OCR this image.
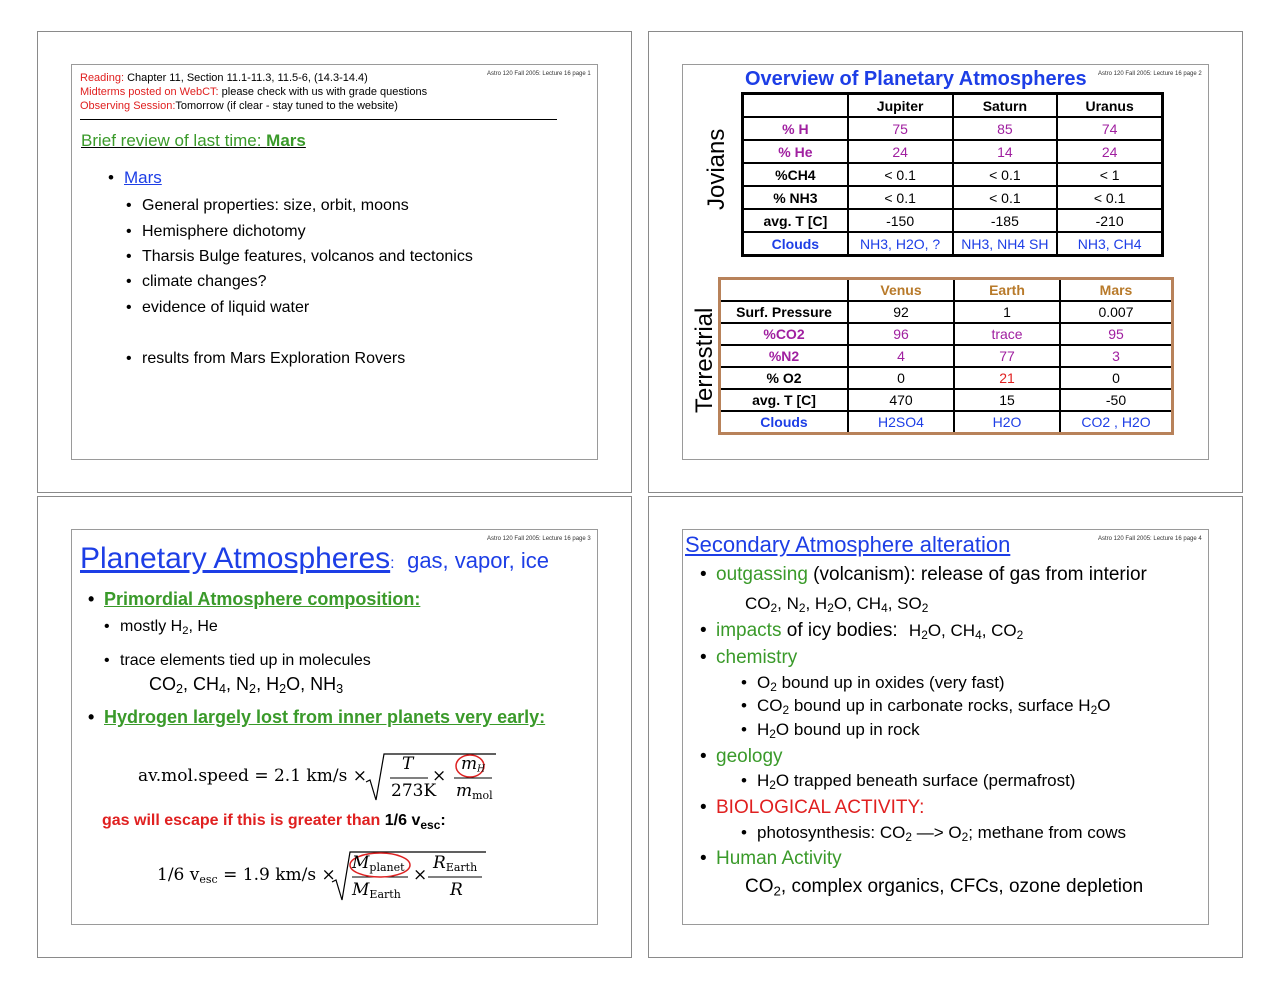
Astro 120 Fall 2005: Lecture 16 page 1
Reading: Chapter 11, Section 11.1-11.3, 11.5-6, (14.3-14.4)
Midterms posted on WebCT: please check with us with grade questions
Observing Session:Tomorrow (if clear - stay tuned to the website)
Brief review of last time: Mars
• Mars
• General properties: size, orbit, moons
• Hemisphere dichotomy
• Tharsis Bulge features, volcanos and tectonics
• climate changes?
• evidence of liquid water
• results from Mars Exploration Rovers
Astro 120 Fall 2005: Lecture 16 page 2
Overview of Planetary Atmospheres
Jovians
Terrestrial
	Jupiter	Saturn	Uranus
% H	75	85	74
% He	24	14	24
%CH4	< 0.1	< 0.1	< 1
% NH3	< 0.1	< 0.1	< 0.1
avg. T [C]	-150	-185	-210
Clouds	NH3, H2O, ?	NH3, NH4 SH	NH3, CH4
	Venus	Earth	Mars
Surf. Pressure	92	1	0.007
%CO2	96	trace	95
%N2	4	77	3
% O2	0	21	0
avg. T [C]	470	15	-50
Clouds	H2SO4	H2O	CO2 , H2O
Astro 120 Fall 2005: Lecture 16 page 3
Planetary Atmospheres: gas, vapor, ice
• Primordial Atmosphere composition:
• mostly $H_2$, He
• trace elements tied up in molecules
$CO_2$, $CH_4$, $N_2$, $H_2O$, $NH_3$
• Hydrogen largely lost from inner planets very early:
av.mol.speed = 2.1 km/s ×
T
273K
×
$m_H$
$m_{mol}$
gas will escape if this is greater than 1/6 $v_{esc}$:
1/6 $v_{esc} = 1.9$ km/s ×
$M_{planet}$
$M_{Earth}$
×
$R_{Earth}$
R
Astro 120 Fall 2005: Lecture 16 page 4
Secondary Atmosphere alteration
• outgassing (volcanism): release of gas from interior
$CO_2$, $N_2$, $H_2O$, $CH_4$, $SO_2$
• impacts of icy bodies: $H_2O$, $CH_4$, $CO_2$
• chemistry
• $O_2$ bound up in oxides (very fast)
• $CO_2$ bound up in carbonate rocks, surface $H_2O$
• $H_2O$ bound up in rock
• geology
• $H_2O$ trapped beneath surface (permafrost)
• BIOLOGICAL ACTIVITY:
• photosynthesis: $CO_2$ —> $O_2$; methane from cows
• Human Activity
$CO_2$, complex organics, CFCs, ozone depletion
